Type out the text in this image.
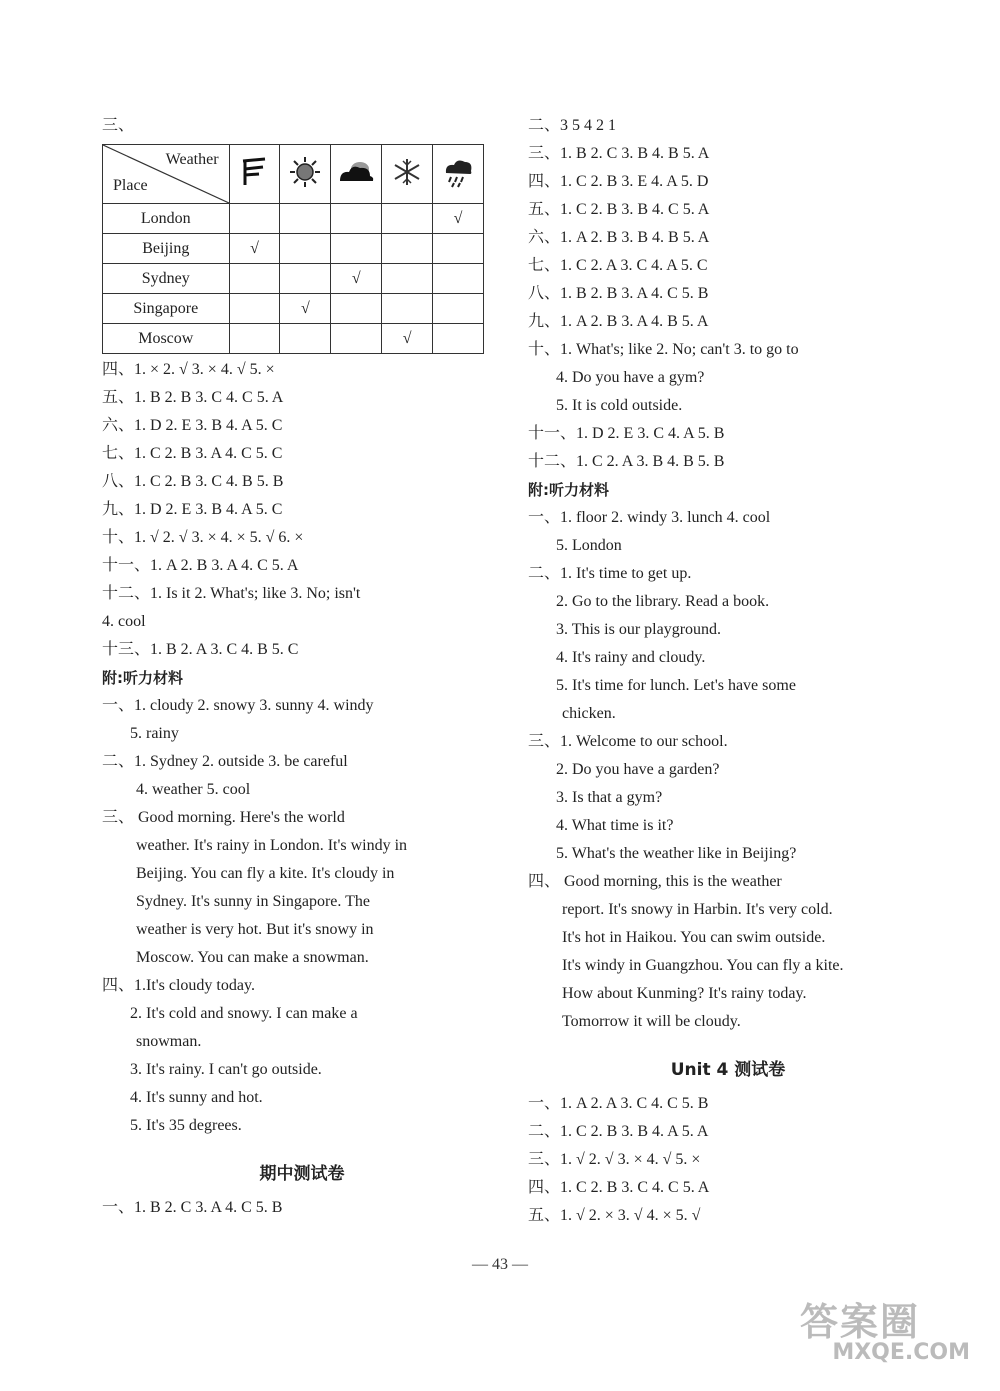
三、
Weather
Place

London					√
Beijing	√				
Sydney			√		
Singapore		√			
Moscow				√	
四、1. × 2. √ 3. × 4. √ 5. ×
五、1. B 2. B 3. C 4. C 5. A
六、1. D 2. E 3. B 4. A 5. C
七、1. C 2. B 3. A 4. C 5. C
八、1. C 2. B 3. C 4. B 5. B
九、1. D 2. E 3. B 4. A 5. C
十、1. √ 2. √ 3. × 4. × 5. √ 6. ×
十一、1. A 2. B 3. A 4. C 5. A
十二、1. Is it 2. What's; like 3. No; isn't
4. cool
十三、1. B 2. A 3. C 4. B 5. C
附:听力材料
一、1. cloudy 2. snowy 3. sunny 4. windy
5. rainy
二、1. Sydney 2. outside 3. be careful
4. weather 5. cool
三、 Good morning. Here's the world
weather. It's rainy in London. It's windy in
Beijing. You can fly a kite. It's cloudy in
Sydney. It's sunny in Singapore. The
weather is very hot. But it's snowy in
Moscow. You can make a snowman.
四、1.It's cloudy today.
2. It's cold and snowy. I can make a
snowman.
3. It's rainy. I can't go outside.
4. It's sunny and hot.
5. It's 35 degrees.
期中测试卷
一、1. B 2. C 3. A 4. C 5. B
二、3 5 4 2 1
三、1. B 2. C 3. B 4. B 5. A
四、1. C 2. B 3. E 4. A 5. D
五、1. C 2. B 3. B 4. C 5. A
六、1. A 2. B 3. B 4. B 5. A
七、1. C 2. A 3. C 4. A 5. C
八、1. B 2. B 3. A 4. C 5. B
九、1. A 2. B 3. A 4. B 5. A
十、1. What's; like 2. No; can't 3. to go to
4. Do you have a gym?
5. It is cold outside.
十一、1. D 2. E 3. C 4. A 5. B
十二、1. C 2. A 3. B 4. B 5. B
附:听力材料
一、1. floor 2. windy 3. lunch 4. cool
5. London
二、1. It's time to get up.
2. Go to the library. Read a book.
3. This is our playground.
4. It's rainy and cloudy.
5. It's time for lunch. Let's have some
chicken.
三、1. Welcome to our school.
2. Do you have a garden?
3. Is that a gym?
4. What time is it?
5. What's the weather like in Beijing?
四、 Good morning, this is the weather
report. It's snowy in Harbin. It's very cold.
It's hot in Haikou. You can swim outside.
It's windy in Guangzhou. You can fly a kite.
How about Kunming? It's rainy today.
Tomorrow it will be cloudy.
Unit 4 测试卷
一、1. A 2. A 3. C 4. C 5. B
二、1. C 2. B 3. B 4. A 5. A
三、1. √ 2. √ 3. × 4. √ 5. ×
四、1. C 2. B 3. C 4. C 5. A
五、1. √ 2. × 3. √ 4. × 5. √
— 43 —
答案圈
MXQE.COM
